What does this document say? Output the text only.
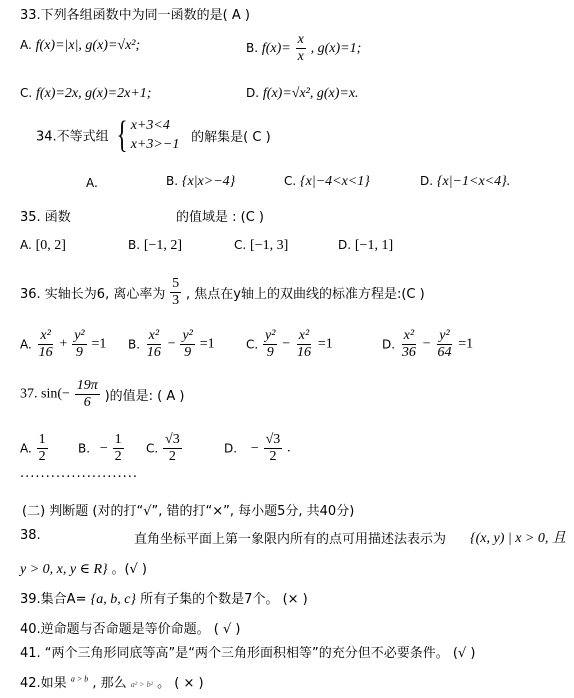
33.下列各组函数中为同一函数的是( A )
A. f(x)=|x|, g(x)=√x²;	B. $f(x)= \frac{x}{x}$ , g(x)=1;
C. f(x)=2x, g(x)=2x+1;	D. f(x)=√x², g(x)=x.
34.不等式组 { x+3<4
x+3>−1 的解集是( C )
A.	B. {x|x>−4}	C. {x|−4<x<1}	D. {x|−1<x<4}.
35. 函数	的值域是 : (C )
A. [0, 2]	B. [−1, 2]	C. [−1, 3]	D. [−1, 1]
36. 实轴长为6, 离心率为 $\frac{5}{3}$ , 焦点在y轴上的双曲线的标准方程是:(C )
A. $\frac{\text{x²}}{16} + \frac{\text{y²}}{9} =1$ B. $\frac{\text{x²}}{16} - \frac{\text{y²}}{9} =1$	C. $\frac{\text{y²}}{9} - \frac{\text{x²}}{16} =1$	D. $\frac{\text{x²}}{36} - \frac{\text{y²}}{64} =1$
37. $\sin(- \frac{19\pi}{6}$ )的值是: ( A )
A. $\frac{1}{2}$	B. − $\frac{1}{2} C$. $\frac{√3}{2}$	D. − $\frac{√3}{2}$ .
·······················
(二) 判断题 (对的打“√”, 错的打“×”, 每小题5分, 共40分)
38.	直角坐标平面上第一象限内所有的点可用描述法表示为 {(x, y) | x > 0, 且
y > 0, x, y ∈ R} 。(√ )
39.集合A= {a, b, c} 所有子集的个数是7个。 (× )
40.逆命题与否命题是等价命题。 ( √ )
41. “两个三角形同底等高”是“两个三角形面积相等”的充分但不必要条件。 (√ )
42.如果 $^{a > b}$ , 那么 a² > b² 。 ( × )
